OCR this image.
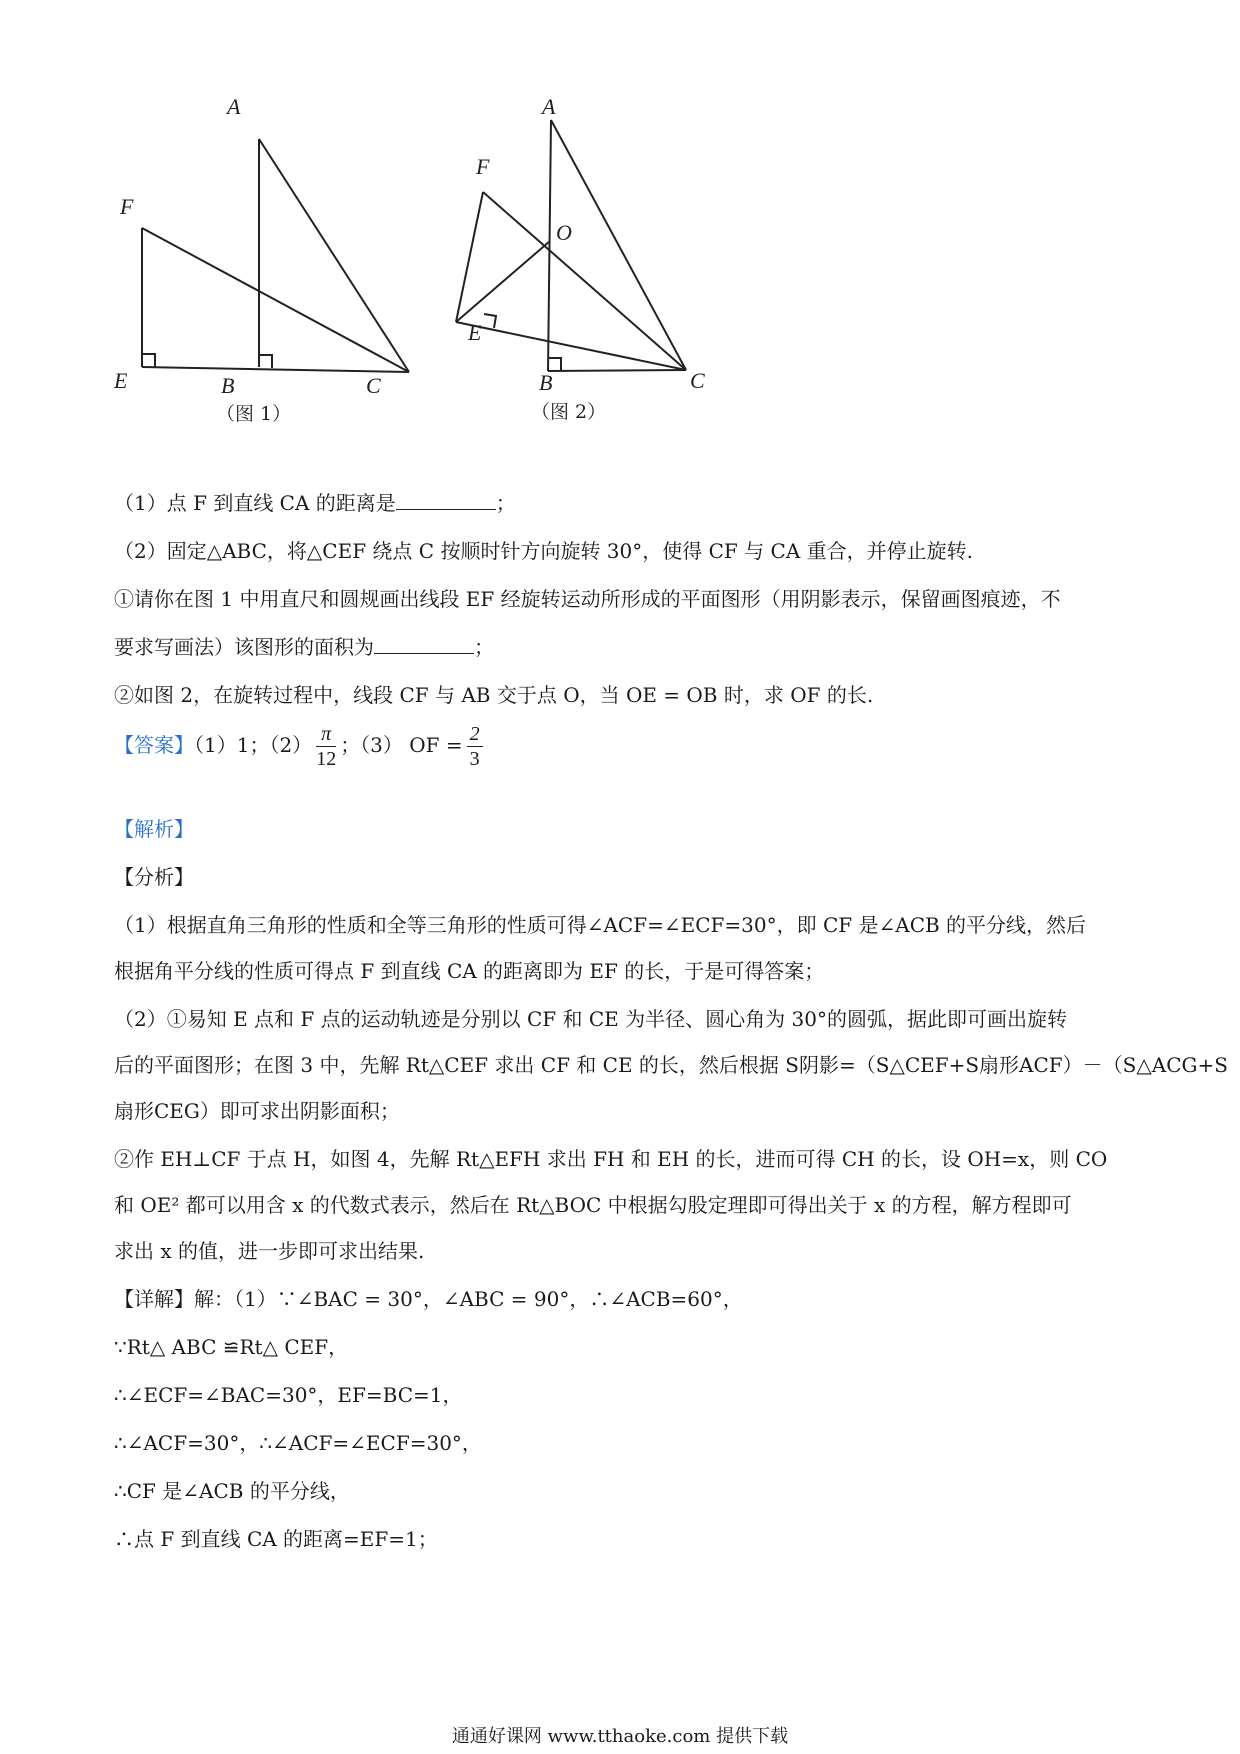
A
F
E	B	C
（图 1）
A
F
O
B	C
（图 2）
E
（1）点 F 到直线 CA 的距离是	；
（2）固定△ABC，将△CEF 绕点 C 按顺时针方向旋转 30°，使得 CF 与 CA 重合，并停止旋转.
①请你在图 1 中用直尺和圆规画出线段 EF 经旋转运动所形成的平面图形（用阴影表示，保留画图痕迹，不
要求写画法）该图形的面积为	；
②如图 2，在旋转过程中，线段 CF 与 AB 交于点 O，当 OE = OB 时，求 OF 的长.
【答案】（1）1；$(2) \frac{\pi}{12}$ ；（3） OF = $\frac{2}{3}$
【解析】
【分析】
（1）根据直角三角形的性质和全等三角形的性质可得∠ACF=∠ECF=30°，即 CF 是∠ACB 的平分线，然后
根据角平分线的性质可得点 F 到直线 CA 的距离即为 EF 的长，于是可得答案；
（2）①易知 E 点和 F 点的运动轨迹是分别以 CF 和 CE 为半径、圆心角为 30°的圆弧，据此即可画出旋转
后的平面图形；在图 3 中，先解 Rt△CEF 求出 CF 和 CE 的长，然后根据 S阴影=（S△CEF+S扇形ACF）－（S△ACG+S
扇形CEG）即可求出阴影面积；
②作 EH⊥CF 于点 H，如图 4，先解 Rt△EFH 求出 FH 和 EH 的长，进而可得 CH 的长，设 OH=x，则 CO
和 OE² 都可以用含 x 的代数式表示，然后在 Rt△BOC 中根据勾股定理即可得出关于 x 的方程，解方程即可
求出 x 的值，进一步即可求出结果.
【详解】解：（1）∵∠BAC = 30°，∠ABC = 90°，∴∠ACB=60°，
∵Rt△ ABC ≌Rt△ CEF，
∴∠ECF=∠BAC=30°，EF=BC=1，
∴∠ACF=30°，∴∠ACF=∠ECF=30°，
∴CF 是∠ACB 的平分线，
∴点 F 到直线 CA 的距离=EF=1；
通通好课网 www.tthaoke.com 提供下载
